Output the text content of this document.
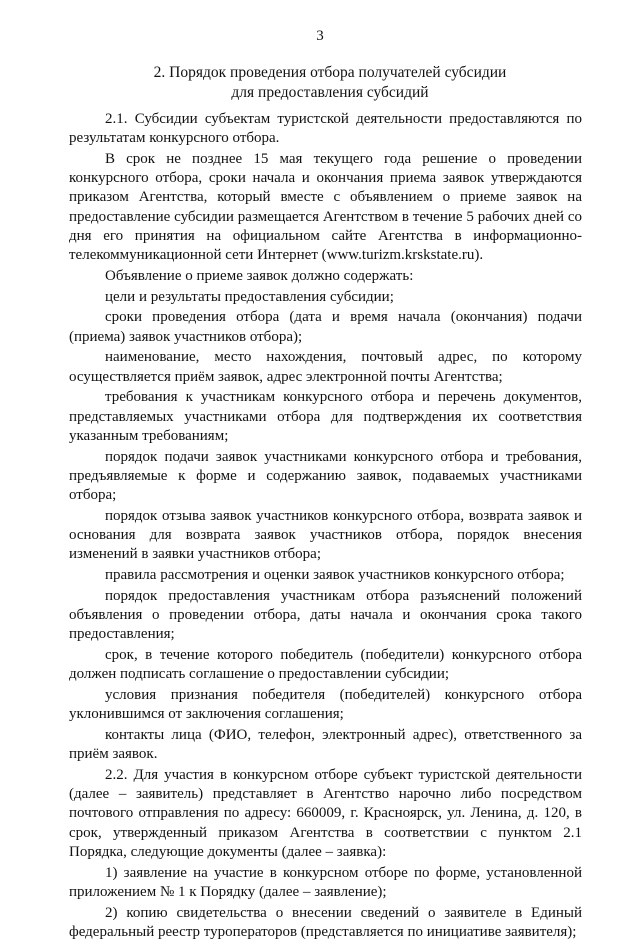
3
2. Порядок проведения отбора получателей субсидии
для предоставления субсидий

2.1. Субсидии субъектам туристской деятельности предоставляются по результатам конкурсного отбора.

В срок не позднее 15 мая текущего года решение о проведении конкурсного отбора, сроки начала и окончания приема заявок утверждаются приказом Агентства, который вместе с объявлением о приеме заявок на предоставление субсидии размещается Агентством в течение 5 рабочих дней со дня его принятия на официальном сайте Агентства в информационно-телекоммуникационной сети Интернет (www.turizm.krskstate.ru).

Объявление о приеме заявок должно содержать:

цели и результаты предоставления субсидии;

сроки проведения отбора (дата и время начала (окончания) подачи (приема) заявок участников отбора);

наименование, место нахождения, почтовый адрес, по которому осуществляется приём заявок, адрес электронной почты Агентства;

требования к участникам конкурсного отбора и перечень документов, представляемых участниками отбора для подтверждения их соответствия указанным требованиям;

порядок подачи заявок участниками конкурсного отбора и требования, предъявляемые к форме и содержанию заявок, подаваемых участниками отбора;

порядок отзыва заявок участников конкурсного отбора, возврата заявок и основания для возврата заявок участников отбора, порядок внесения изменений в заявки участников отбора;

правила рассмотрения и оценки заявок участников конкурсного отбора;

порядок предоставления участникам отбора разъяснений положений объявления о проведении отбора, даты начала и окончания срока такого предоставления;

срок, в течение которого победитель (победители) конкурсного отбора должен подписать соглашение о предоставлении субсидии;

условия признания победителя (победителей) конкурсного отбора уклонившимся от заключения соглашения;

контакты лица (ФИО, телефон, электронный адрес), ответственного за приём заявок.

2.2. Для участия в конкурсном отборе субъект туристской деятельности (далее – заявитель) представляет в Агентство нарочно либо посредством почтового отправления по адресу: 660009, г. Красноярск, ул. Ленина, д. 120, в срок, утвержденный приказом Агентства в соответствии с пунктом 2.1 Порядка, следующие документы (далее – заявка):

1) заявление на участие в конкурсном отборе по форме, установленной приложением № 1 к Порядку (далее – заявление);

2) копию свидетельства о внесении сведений о заявителе в Единый федеральный реестр туроператоров (представляется по инициативе заявителя);
